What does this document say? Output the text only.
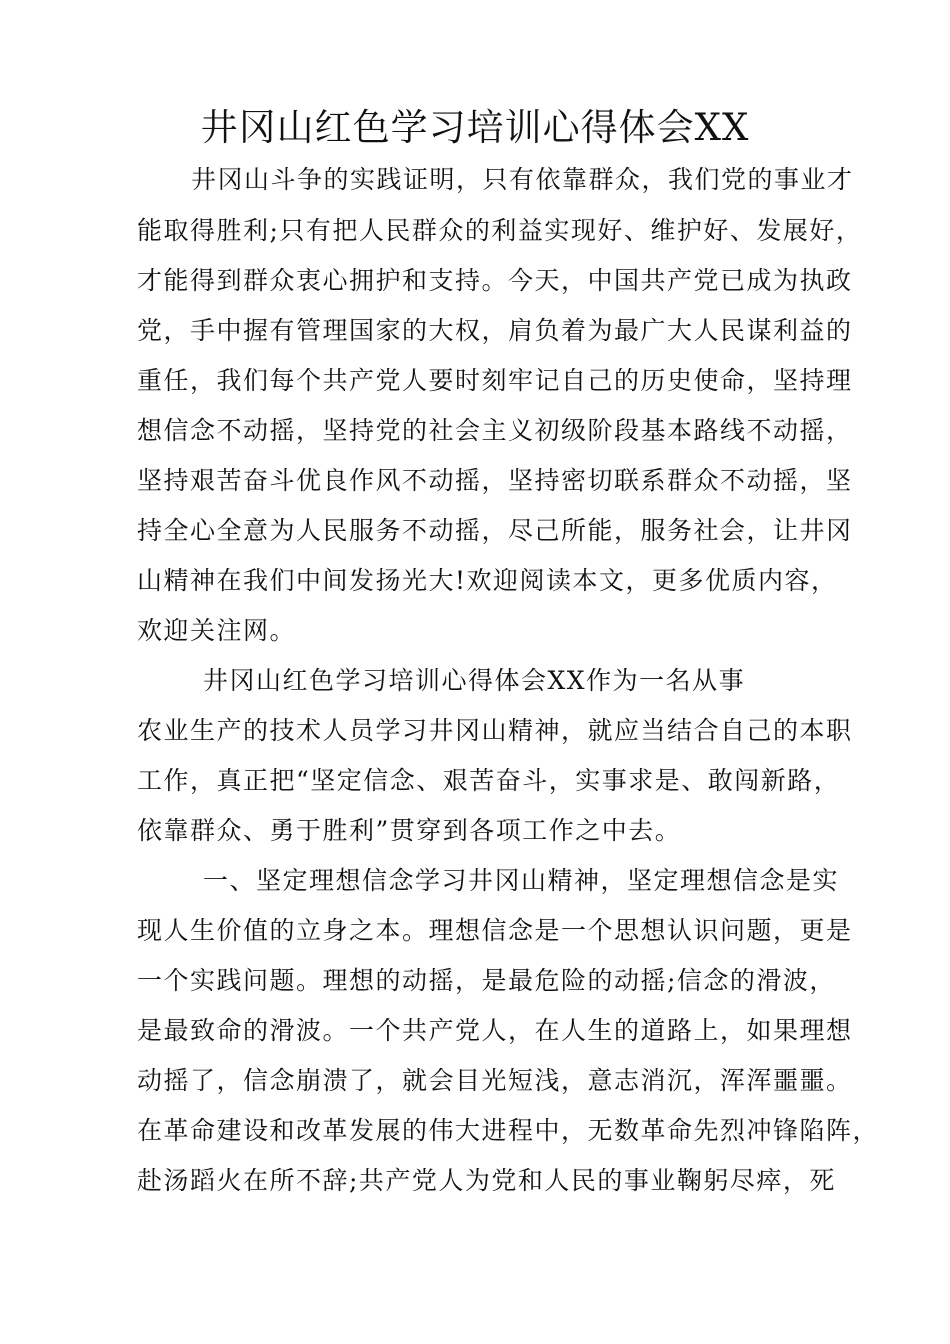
井冈山红色学习培训心得体会XX
井冈山斗争的实践证明，只有依靠群众，我们党的事业才
能取得胜利;只有把人民群众的利益实现好、维护好、发展好，
才能得到群众衷心拥护和支持。今天，中国共产党已成为执政
党，手中握有管理国家的大权，肩负着为最广大人民谋利益的
重任，我们每个共产党人要时刻牢记自己的历史使命，坚持理
想信念不动摇，坚持党的社会主义初级阶段基本路线不动摇，
坚持艰苦奋斗优良作风不动摇，坚持密切联系群众不动摇，坚
持全心全意为人民服务不动摇，尽己所能，服务社会，让井冈
山精神在我们中间发扬光大!欢迎阅读本文，更多优质内容，
欢迎关注网。
井冈山红色学习培训心得体会XX作为一名从事
农业生产的技术人员学习井冈山精神，就应当结合自己的本职
工作，真正把“坚定信念、艰苦奋斗，实事求是、敢闯新路，
依靠群众、勇于胜利”贯穿到各项工作之中去。
一、坚定理想信念学习井冈山精神，坚定理想信念是实
现人生价值的立身之本。理想信念是一个思想认识问题，更是
一个实践问题。理想的动摇，是最危险的动摇;信念的滑波，
是最致命的滑波。一个共产党人，在人生的道路上，如果理想
动摇了，信念崩溃了，就会目光短浅，意志消沉，浑浑噩噩。
在革命建设和改革发展的伟大进程中，无数革命先烈冲锋陷阵，
赴汤蹈火在所不辞;共产党人为党和人民的事业鞠躬尽瘁，死
